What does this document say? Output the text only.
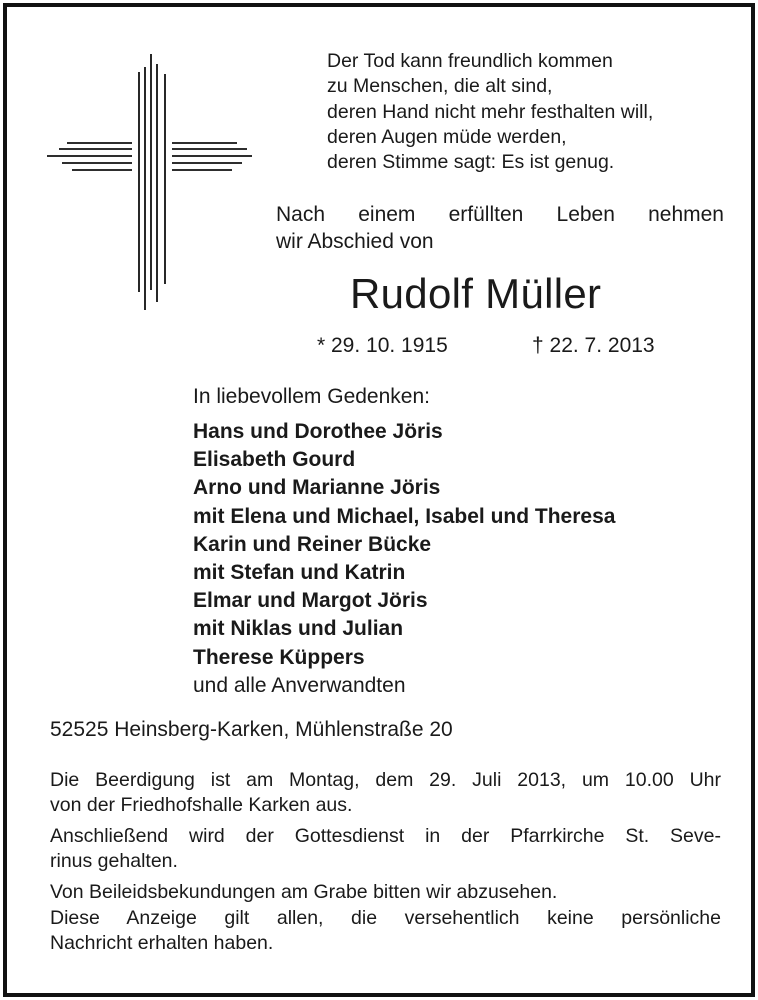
Der Tod kann freundlich kommen
zu Menschen, die alt sind,
deren Hand nicht mehr festhalten will,
deren Augen müde werden,
deren Stimme sagt: Es ist genug.
Nach einem erfüllten Leben nehmen
wir Abschied von
Rudolf Müller
* 29. 10. 1915	† 22. 7. 2013
In liebevollem Gedenken:
Hans und Dorothee Jöris
Elisabeth Gourd
Arno und Marianne Jöris
mit Elena und Michael, Isabel und Theresa
Karin und Reiner Bücke
mit Stefan und Katrin
Elmar und Margot Jöris
mit Niklas und Julian
Therese Küppers
und alle Anverwandten
52525 Heinsberg-Karken, Mühlenstraße 20
Die Beerdigung ist am Montag, dem 29. Juli 2013, um 10.00 Uhr
von der Friedhofshalle Karken aus.
Anschließend wird der Gottesdienst in der Pfarrkirche St. Seve-
rinus gehalten.
Von Beileidsbekundungen am Grabe bitten wir abzusehen.
Diese Anzeige gilt allen, die versehentlich keine persönliche
Nachricht erhalten haben.
